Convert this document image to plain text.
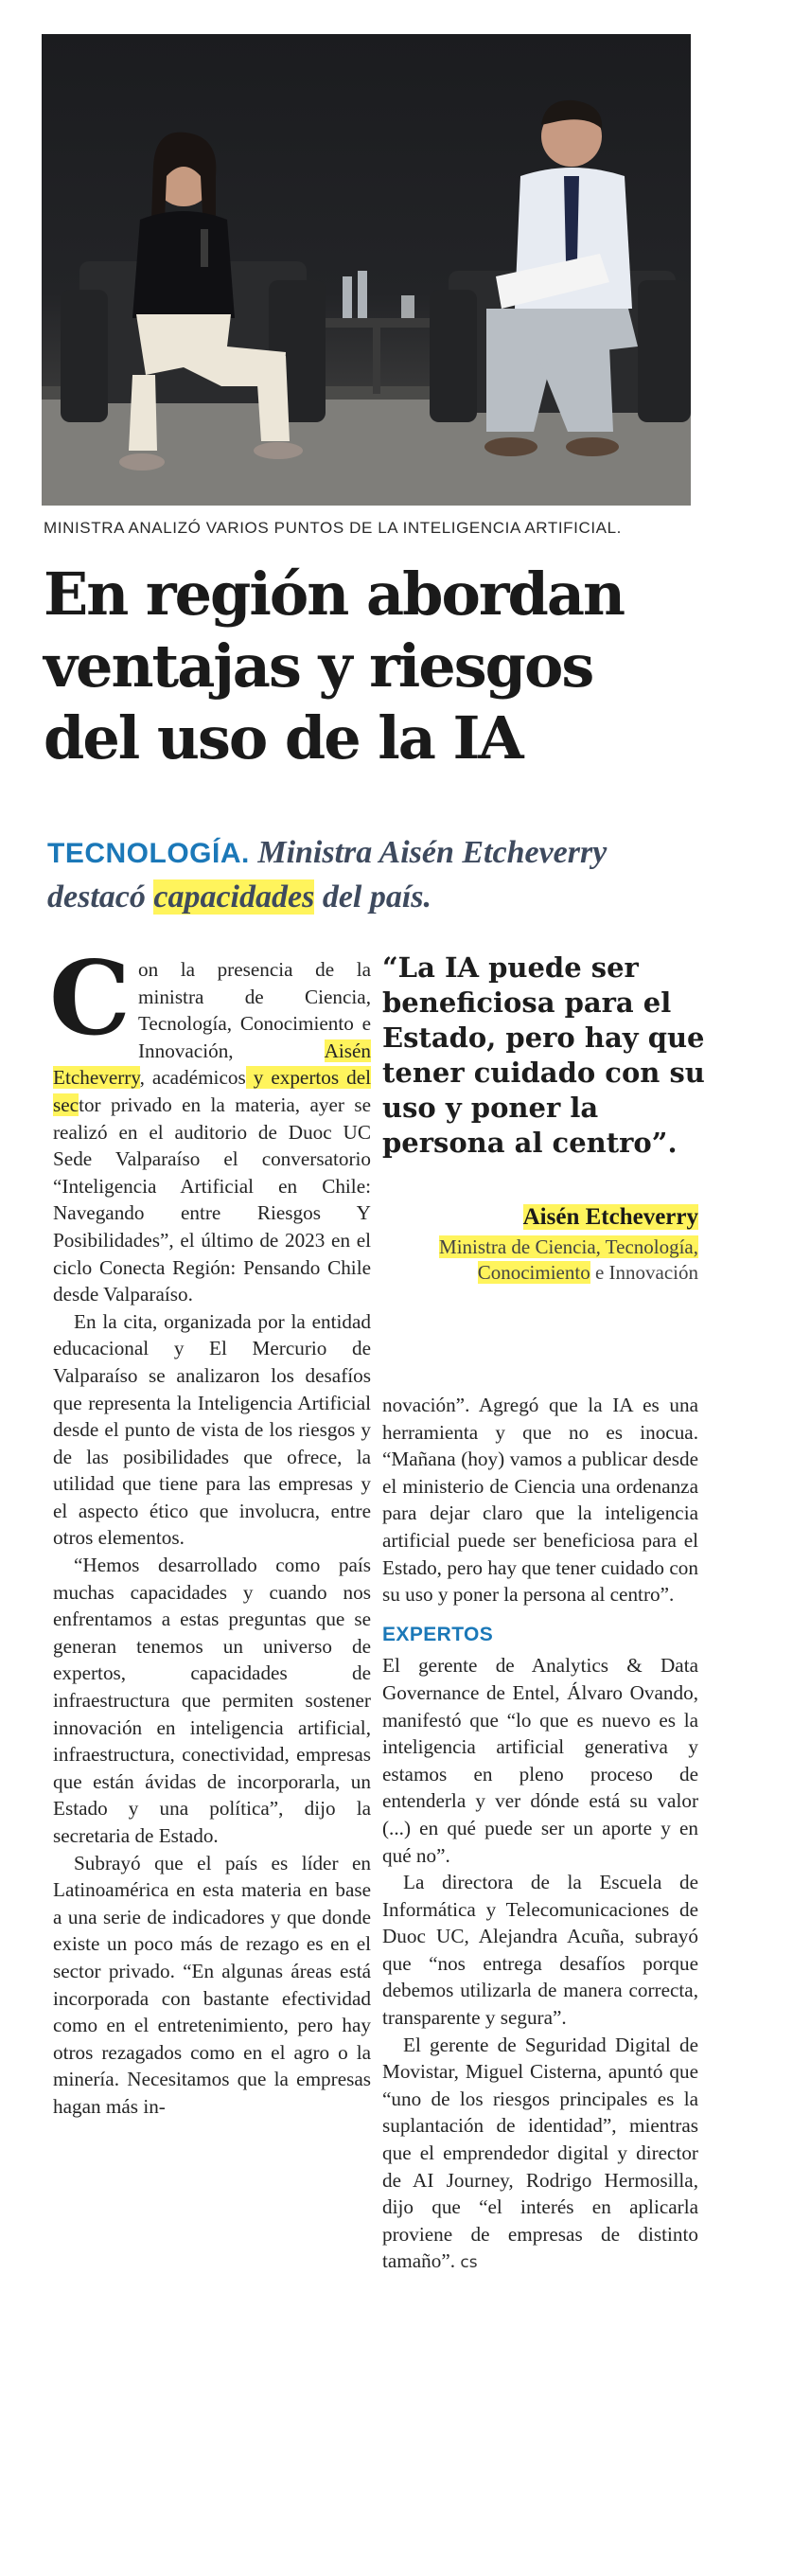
MINISTRA ANALIZÓ VARIOS PUNTOS DE LA INTELIGENCIA ARTIFICIAL.
En región abordan
ventajas y riesgos
del uso de la IA
TECNOLOGÍA. Ministra Aisén Etcheverry
destacó capacidades del país.

Con la presencia de la ministra de Ciencia, Tecnología, Conocimiento e Innovación, Aisén Etcheverry, académicos y expertos del sector privado en la materia, ayer se realizó en el auditorio de Duoc UC Sede Valparaíso el conversatorio “Inteligencia Artificial en Chile: Navegando entre Riesgos Y Posibilidades”, el último de 2023 en el ciclo Conecta Región: Pensando Chile desde Valparaíso.

En la cita, organizada por la entidad educacional y El Mercurio de Valparaíso se analizaron los desafíos que representa la Inteligencia Artificial desde el punto de vista de los riesgos y de las posibilidades que ofrece, la utilidad que tiene para las empresas y el aspecto ético que involucra, entre otros elementos.

“Hemos desarrollado como país muchas capacidades y cuando nos enfrentamos a estas preguntas que se generan tenemos un universo de expertos, capacidades de infraestructura que permiten sostener innovación en inteligencia artificial, infraestructura, conectividad, empresas que están ávidas de incorporarla, un Estado y una política”, dijo la secretaria de Estado.

Subrayó que el país es líder en Latinoamérica en esta materia en base a una serie de indicadores y que donde existe un poco más de rezago es en el sector privado. “En algunas áreas está incorporada con bastante efectividad como en el entretenimiento, pero hay otros rezagados como en el agro o la minería. Necesitamos que la empresas hagan más in-

“La IA puede ser beneficiosa para el Estado, pero hay que tener cuidado con su uso y poner la persona al centro”.
Aisén Etcheverry
Ministra de Ciencia, Tecnología,
Conocimiento e Innovación

novación”. Agregó que la IA es una herramienta y que no es inocua. “Mañana (hoy) vamos a publicar desde el ministerio de Ciencia una ordenanza para dejar claro que la inteligencia artificial puede ser beneficiosa para el Estado, pero hay que tener cuidado con su uso y poner la persona al centro”.

EXPERTOS

El gerente de Analytics & Data Governance de Entel, Álvaro Ovando, manifestó que “lo que es nuevo es la inteligencia artificial generativa y estamos en pleno proceso de entenderla y ver dónde está su valor (...) en qué puede ser un aporte y en qué no”.

La directora de la Escuela de Informática y Telecomunicaciones de Duoc UC, Alejandra Acuña, subrayó que “nos entrega desafíos porque debemos utilizarla de manera correcta, transparente y segura”.

El gerente de Seguridad Digital de Movistar, Miguel Cisterna, apuntó que “uno de los riesgos principales es la suplantación de identidad”, mientras que el emprendedor digital y director de AI Journey, Rodrigo Hermosilla, dijo que “el interés en aplicarla proviene de empresas de distinto tamaño”. cs
